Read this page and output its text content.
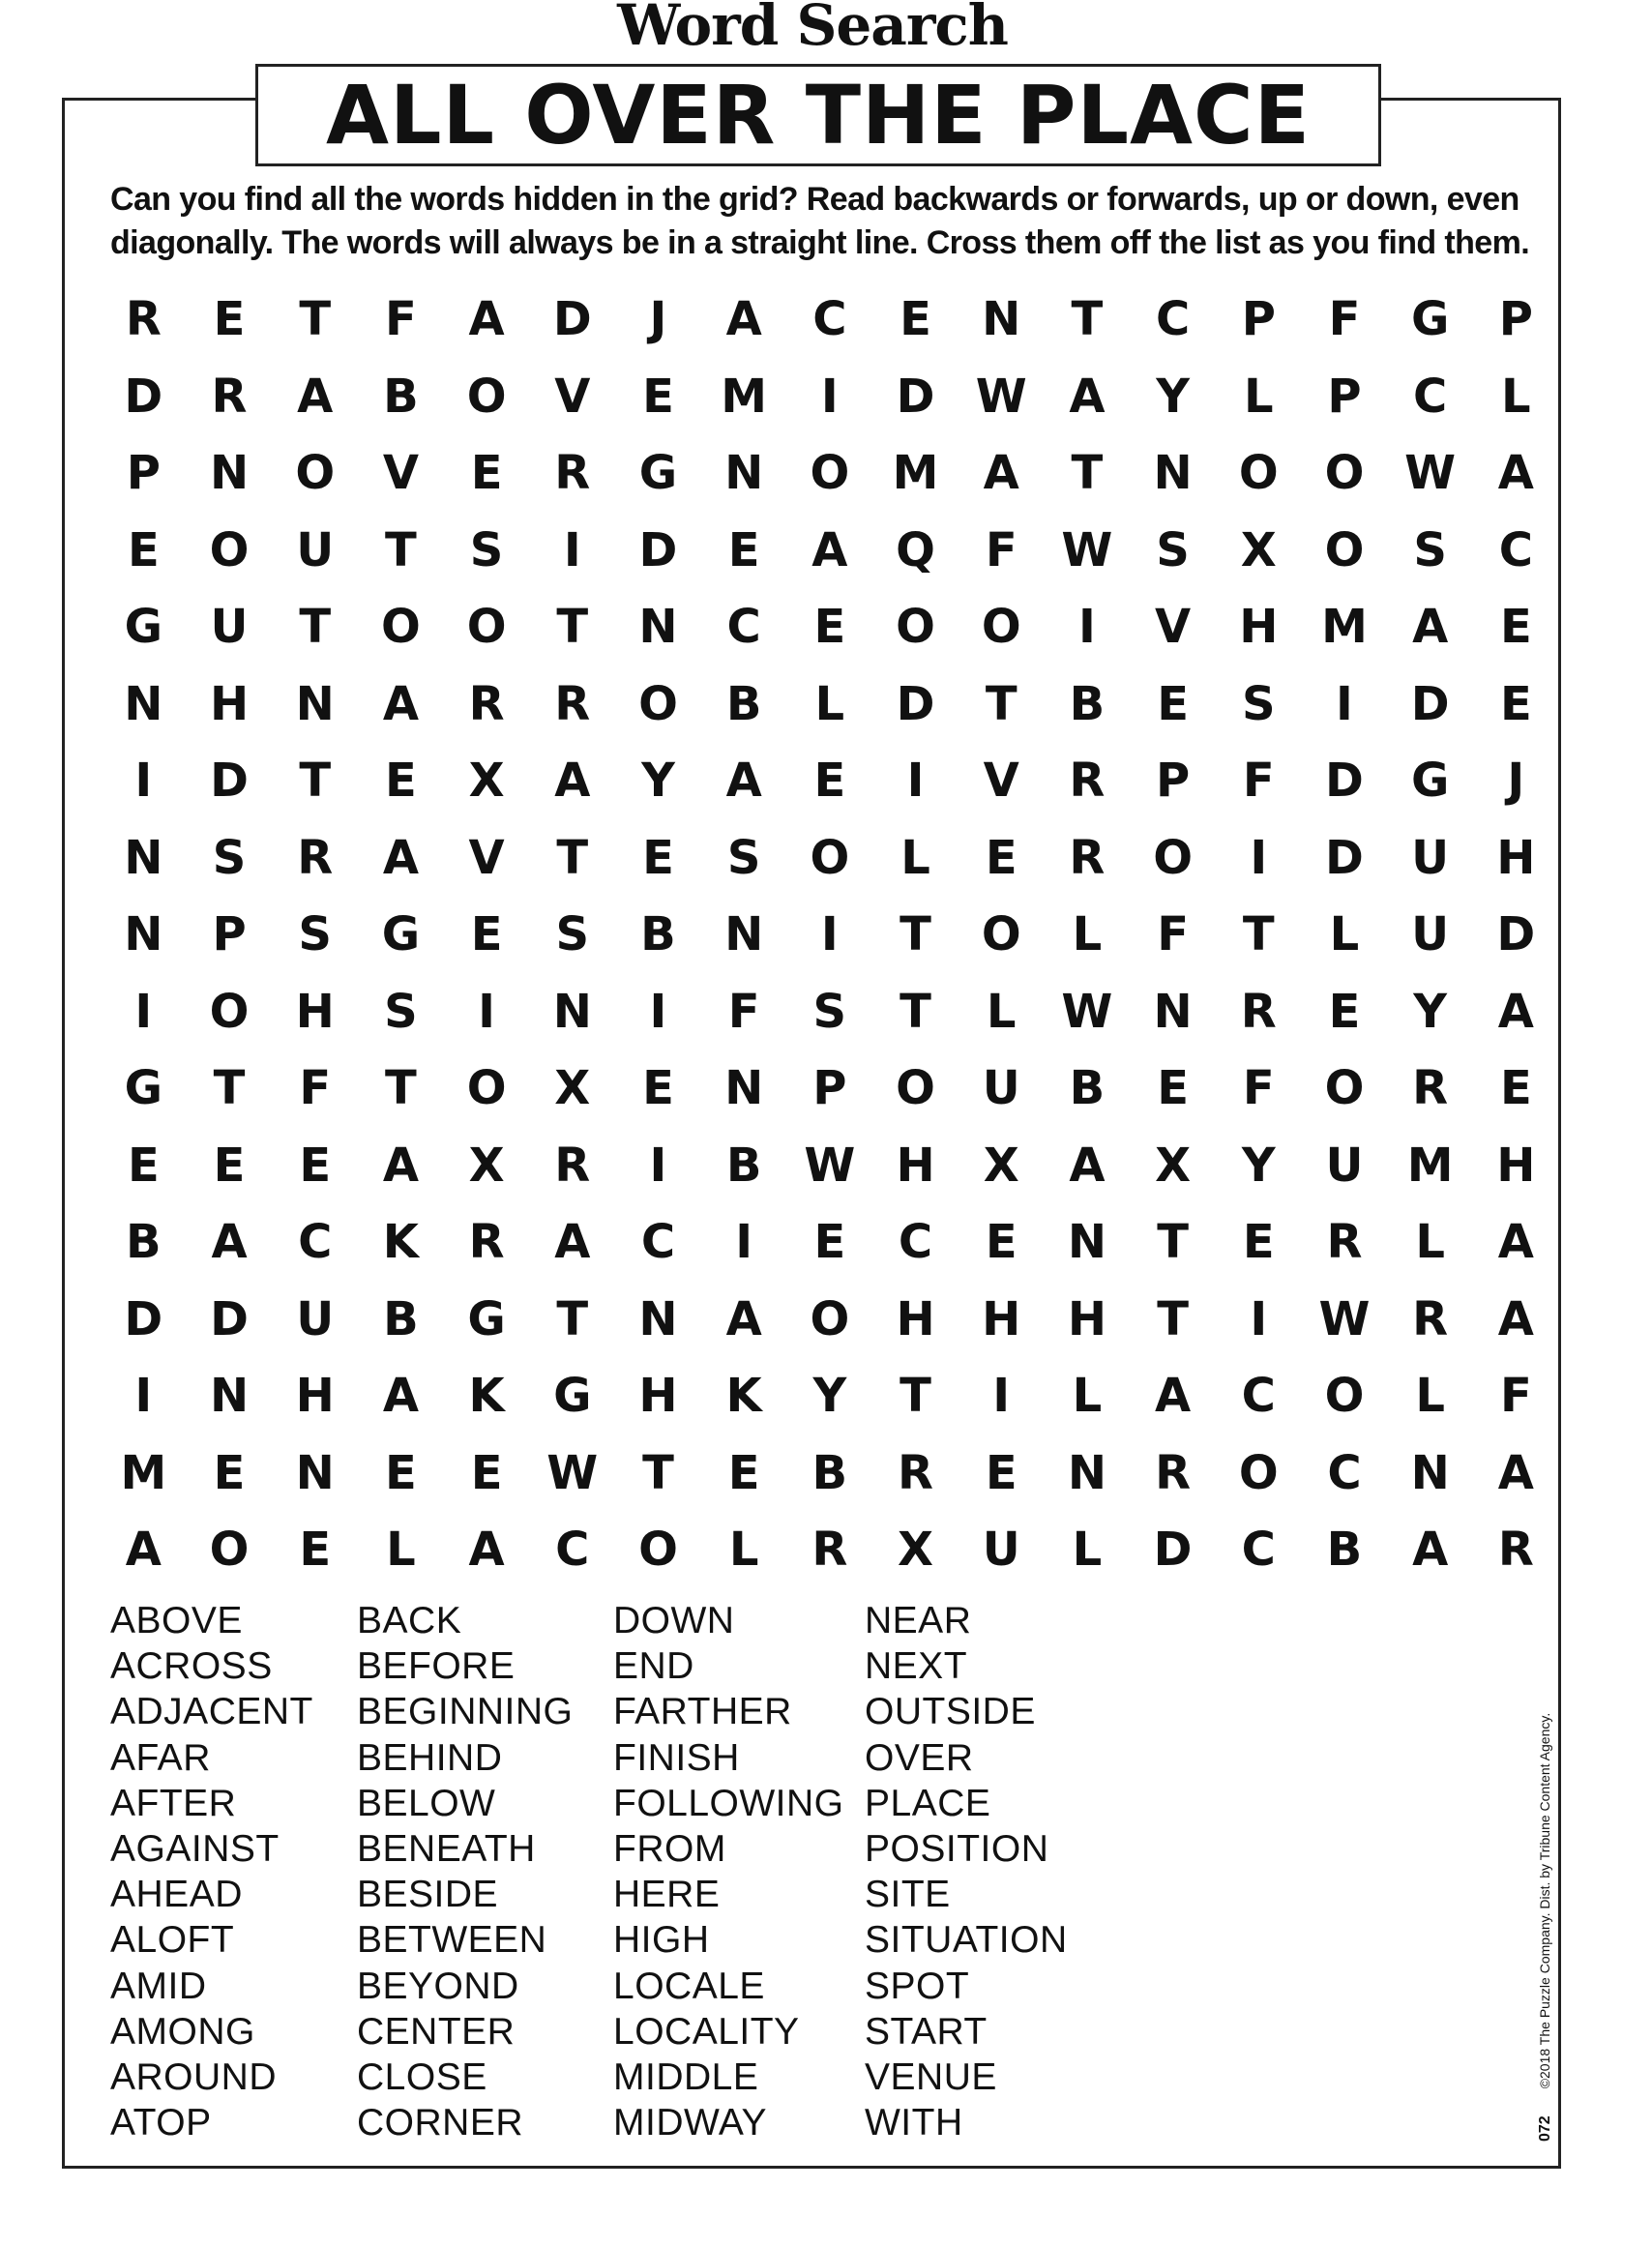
Word Search
ALL OVER THE PLACE
Can you find all the words hidden in the grid? Read backwards or forwards, up or down, even
diagonally. The words will always be in a straight line. Cross them off the list as you find them.
R	E	T	F	A	D	J	A	C	E	N	T	C	P	F	G	P
D	R	A	B	O	V	E	M	I	D W A	Y	L	P	C	L
P	N	O	V	E	R	G	N	O M A	T	N	O O W A
E	O	U	T	S	I	D	E	A	Q	F W S	X	O	S	C
G	U	T	O O	T	N	C	E	O O	I	V	H M A	E
N	H	N	A	R	R	O	B	L	D	T	B	E	S	I	D	E
I	D	T	E	X	A	Y	A	E	I	V	R	P	F	D	G	J
N	S	R	A	V	T	E	S	O	L	E	R	O	I	D	U	H
N	P	S	G	E	S	B	N	I	T	O	L	F	T	L	U	D
I	O	H	S	I	N	I	F	S	T	L W N	R	E	Y	A
G	T	F	T	O	X	E	N	P	O	U	B	E	F	O	R	E
E	E	E	A	X	R	I	B W H	X	A	X	Y	U M H
B	A	C	K	R	A	C	I	E	C	E	N	T	E	R	L	A
D	D	U	B	G	T	N	A	O	H	H	H	T	I	W R	A
I	N	H	A	K	G	H	K	Y	T	I	L	A	C	O	L	F
M	E	N	E	E W T	E	B	R	E	N	R	O	C	N	A
A	O	E	L	A	C	O	L	R	X	U	L	D	C	B	A	R
ABOVE
ACROSS
ADJACENT
AFAR
AFTER
AGAINST
AHEAD
ALOFT
AMID
AMONG
AROUND
ATOP
BACK
BEFORE
BEGINNING
BEHIND
BELOW
BENEATH
BESIDE
BETWEEN
BEYOND
CENTER
CLOSE
CORNER
DOWN
END
FARTHER
FINISH
FOLLOWING
FROM
HERE
HIGH
LOCALE
LOCALITY
MIDDLE
MIDWAY
NEAR
NEXT
OUTSIDE
OVER
PLACE
POSITION
SITE
SITUATION
SPOT
START
VENUE
WITH	072©2018 The Puzzle Company. Dist. by Tribune Content Agency.
